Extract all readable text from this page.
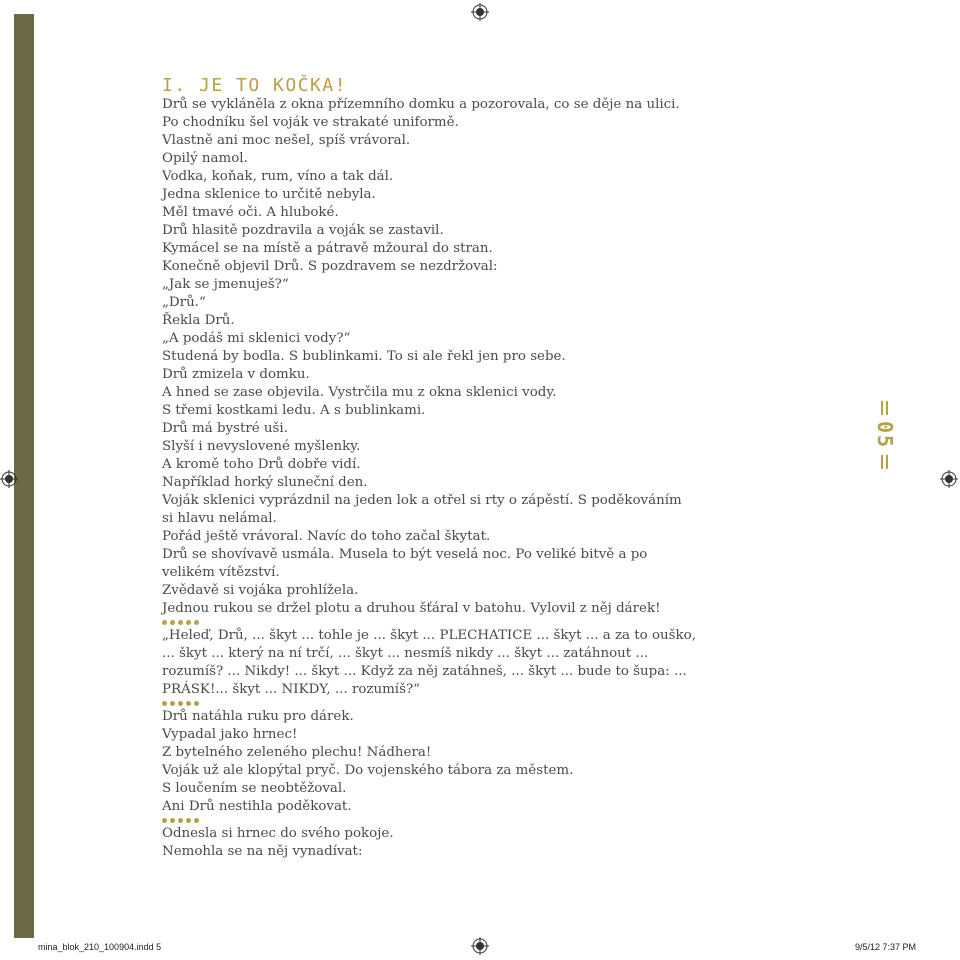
I. JE TO KOČKA!
Drů se vykláněla z okna přízemního domku a pozorovala, co se děje na ulici.
Po chodníku šel voják ve strakaté uniformě.
Vlastně ani moc nešel, spíš vrávoral.
Opilý namol.
Vodka, koňak, rum, víno a tak dál.
Jedna sklenice to určitě nebyla.
Měl tmavé oči. A hluboké.
Drů hlasitě pozdravila a voják se zastavil.
Kymácel se na místě a pátravě mžoural do stran.
Konečně objevil Drů. S pozdravem se nezdržoval:
„Jak se jmenuješ?“
„Drů.“
Řekla Drů.
„A podáš mi sklenici vody?“
Studená by bodla. S bublinkami. To si ale řekl jen pro sebe.
Drů zmizela v domku.
A hned se zase objevila. Vystrčila mu z okna sklenici vody.
S třemi kostkami ledu. A s bublinkami.
Drů má bystré uši.
Slyší i nevyslovené myšlenky.
A kromě toho Drů dobře vidí.
Například horký sluneční den.
Voják sklenici vyprázdnil na jeden lok a otřel si rty o zápěstí. S poděkováním
si hlavu nelámal.
Pořád ještě vrávoral. Navíc do toho začal škytat.
Drů se shovívavě usmála. Musela to být veselá noc. Po veliké bitvě a po
velikém vítězství.
Zvědavě si vojáka prohlížela.
Jednou rukou se držel plotu a druhou šťáral v batohu. Vylovil z něj dárek!
„Heleď, Drů, ... škyt ... tohle je ... škyt ... PLECHATICE ... škyt ... a za to ouško,
... škyt ... který na ní trčí, ... škyt ... nesmíš nikdy ... škyt ... zatáhnout ...
rozumíš? ... Nikdy! ... škyt ... Když za něj zatáhneš, ... škyt ... bude to šupa: ...
PRÁSK!... škyt ... NIKDY, ... rozumíš?“
Drů natáhla ruku pro dárek.
Vypadal jako hrnec!
Z bytelného zeleného plechu! Nádhera!
Voják už ale klopýtal pryč. Do vojenského tábora za městem.
S loučením se neobtěžoval.
Ani Drů nestihla poděkovat.
Odnesla si hrnec do svého pokoje.
Nemohla se na něj vynadívat:
05
mina_blok_210_100904.indd 5	9/5/12 7:37 PM
